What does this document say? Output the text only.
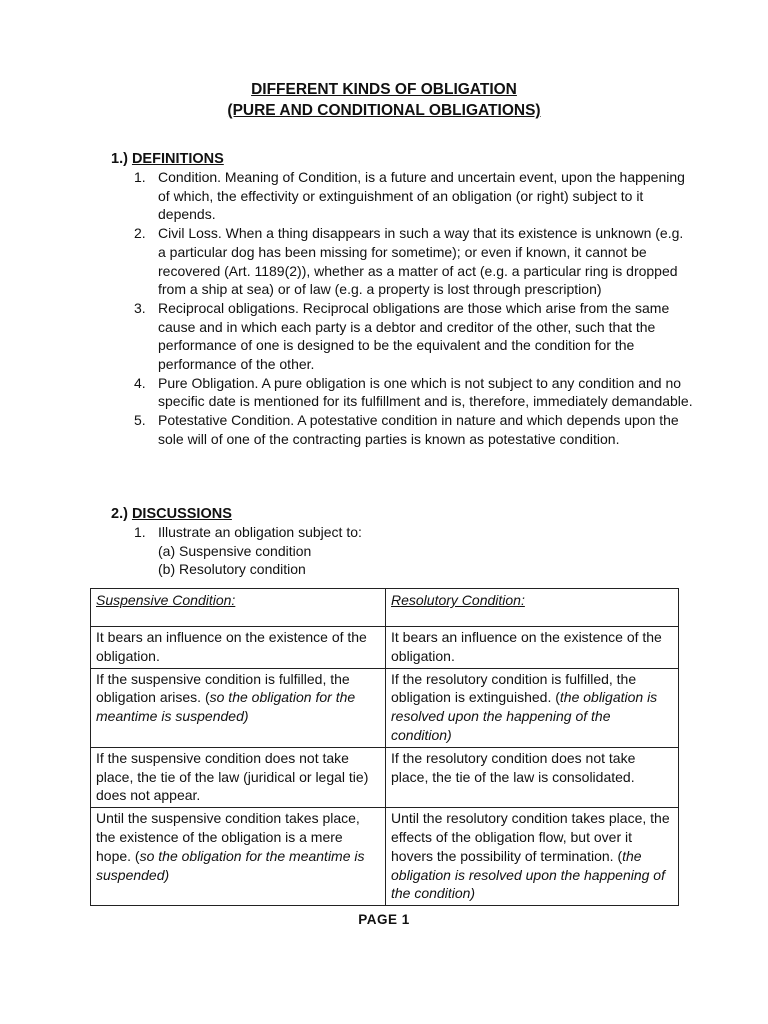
DIFFERENT KINDS OF OBLIGATION
(PURE AND CONDITIONAL OBLIGATIONS)
1.) DEFINITIONS
1. Condition. Meaning of Condition, is a future and uncertain event, upon the happening of which, the effectivity or extinguishment of an obligation (or right) subject to it depends.
2. Civil Loss. When a thing disappears in such a way that its existence is unknown (e.g. a particular dog has been missing for sometime); or even if known, it cannot be recovered (Art. 1189(2)), whether as a matter of act (e.g. a particular ring is dropped from a ship at sea) or of law (e.g. a property is lost through prescription)
3. Reciprocal obligations. Reciprocal obligations are those which arise from the same cause and in which each party is a debtor and creditor of the other, such that the performance of one is designed to be the equivalent and the condition for the performance of the other.
4. Pure Obligation. A pure obligation is one which is not subject to any condition and no specific date is mentioned for its fulfillment and is, therefore, immediately demandable.
5. Potestative Condition. A potestative condition in nature and which depends upon the sole will of one of the contracting parties is known as potestative condition.
2.) DISCUSSIONS
1. Illustrate an obligation subject to:
(a) Suspensive condition
(b) Resolutory condition
Suspensive Condition:	Resolutory Condition:
It bears an influence on the existence of the obligation.	It bears an influence on the existence of the obligation.
If the suspensive condition is fulfilled, the obligation arises. (so the obligation for the meantime is suspended)	If the resolutory condition is fulfilled, the obligation is extinguished. (the obligation is resolved upon the happening of the condition)
If the suspensive condition does not take place, the tie of the law (juridical or legal tie) does not appear.	If the resolutory condition does not take place, the tie of the law is consolidated.
Until the suspensive condition takes place, the existence of the obligation is a mere hope. (so the obligation for the meantime is suspended)	Until the resolutory condition takes place, the effects of the obligation flow, but over it hovers the possibility of termination. (the obligation is resolved upon the happening of the condition)
PAGE 1
